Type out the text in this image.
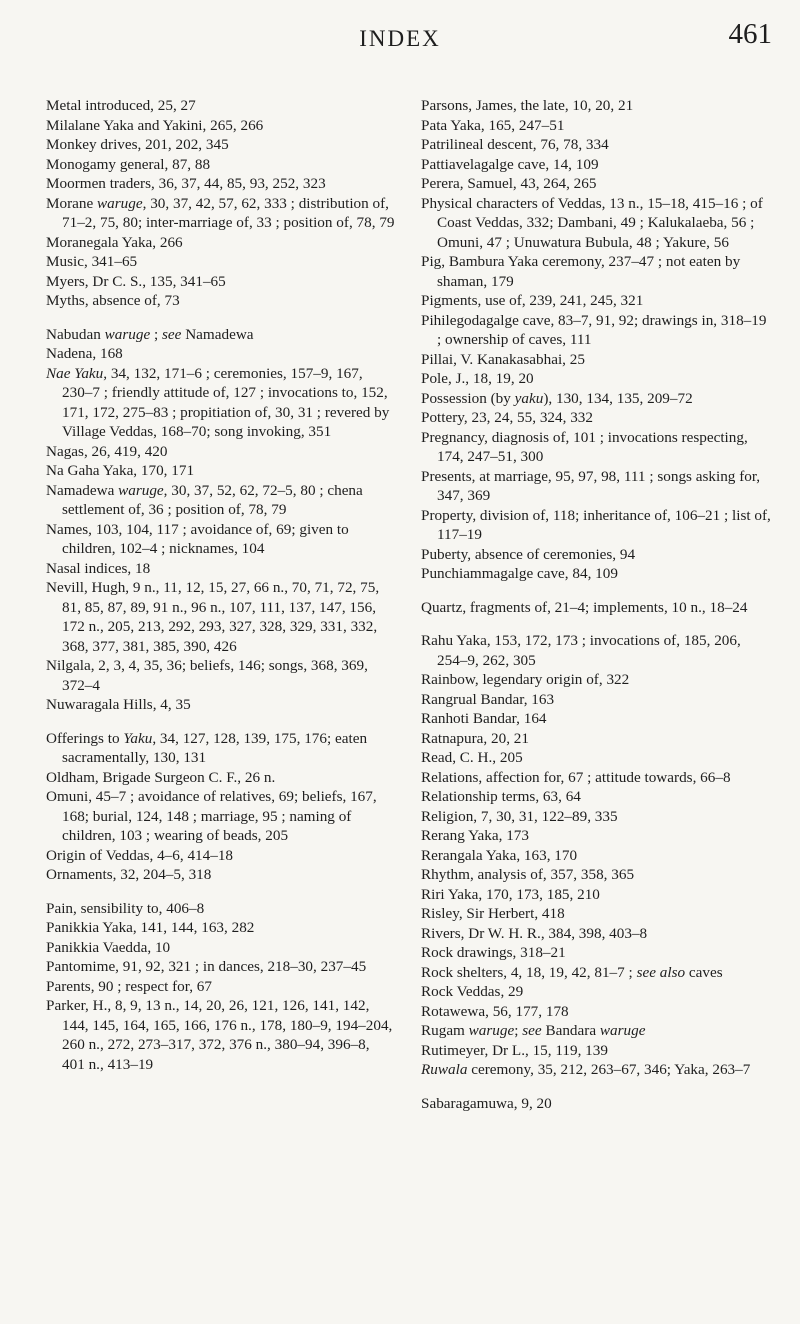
INDEX	461
Metal introduced, 25, 27
Milalane Yaka and Yakini, 265, 266
Monkey drives, 201, 202, 345
Monogamy general, 87, 88
Moormen traders, 36, 37, 44, 85, 93, 252, 323
Morane waruge, 30, 37, 42, 57, 62, 333 ; distribution of, 71–2, 75, 80; inter-marriage of, 33 ; position of, 78, 79
Moranegala Yaka, 266
Music, 341–65
Myers, Dr C. S., 135, 341–65
Myths, absence of, 73
Nabudan waruge ; see Namadewa
Nadena, 168
Nae Yaku, 34, 132, 171–6 ; ceremonies, 157–9, 167, 230–7 ; friendly attitude of, 127 ; invocations to, 152, 171, 172, 275–83 ; propitiation of, 30, 31 ; revered by Village Veddas, 168–70; song invoking, 351
Nagas, 26, 419, 420
Na Gaha Yaka, 170, 171
Namadewa waruge, 30, 37, 52, 62, 72–5, 80 ; chena settlement of, 36 ; position of, 78, 79
Names, 103, 104, 117 ; avoidance of, 69; given to children, 102–4 ; nicknames, 104
Nasal indices, 18
Nevill, Hugh, 9 n., 11, 12, 15, 27, 66 n., 70, 71, 72, 75, 81, 85, 87, 89, 91 n., 96 n., 107, 111, 137, 147, 156, 172 n., 205, 213, 292, 293, 327, 328, 329, 331, 332, 368, 377, 381, 385, 390, 426
Nilgala, 2, 3, 4, 35, 36; beliefs, 146; songs, 368, 369, 372–4
Nuwaragala Hills, 4, 35
Offerings to Yaku, 34, 127, 128, 139, 175, 176; eaten sacramentally, 130, 131
Oldham, Brigade Surgeon C. F., 26 n.
Omuni, 45–7 ; avoidance of relatives, 69; beliefs, 167, 168; burial, 124, 148 ; marriage, 95 ; naming of children, 103 ; wearing of beads, 205
Origin of Veddas, 4–6, 414–18
Ornaments, 32, 204–5, 318
Pain, sensibility to, 406–8
Panikkia Yaka, 141, 144, 163, 282
Panikkia Vaedda, 10
Pantomime, 91, 92, 321 ; in dances, 218–30, 237–45
Parents, 90 ; respect for, 67
Parker, H., 8, 9, 13 n., 14, 20, 26, 121, 126, 141, 142, 144, 145, 164, 165, 166, 176 n., 178, 180–9, 194–204, 260 n., 272, 273–317, 372, 376 n., 380–94, 396–8, 401 n., 413–19
Parsons, James, the late, 10, 20, 21
Pata Yaka, 165, 247–51
Patrilineal descent, 76, 78, 334
Pattiavelagalge cave, 14, 109
Perera, Samuel, 43, 264, 265
Physical characters of Veddas, 13 n., 15–18, 415–16 ; of Coast Veddas, 332; Dambani, 49 ; Kalukalaeba, 56 ; Omuni, 47 ; Unuwatura Bubula, 48 ; Yakure, 56
Pig, Bambura Yaka ceremony, 237–47 ; not eaten by shaman, 179
Pigments, use of, 239, 241, 245, 321
Pihilegodagalge cave, 83–7, 91, 92; drawings in, 318–19 ; ownership of caves, 111
Pillai, V. Kanakasabhai, 25
Pole, J., 18, 19, 20
Possession (by yaku), 130, 134, 135, 209–72
Pottery, 23, 24, 55, 324, 332
Pregnancy, diagnosis of, 101 ; invocations respecting, 174, 247–51, 300
Presents, at marriage, 95, 97, 98, 111 ; songs asking for, 347, 369
Property, division of, 118; inheritance of, 106–21 ; list of, 117–19
Puberty, absence of ceremonies, 94
Punchiammagalge cave, 84, 109
Quartz, fragments of, 21–4; implements, 10 n., 18–24
Rahu Yaka, 153, 172, 173 ; invocations of, 185, 206, 254–9, 262, 305
Rainbow, legendary origin of, 322
Rangrual Bandar, 163
Ranhoti Bandar, 164
Ratnapura, 20, 21
Read, C. H., 205
Relations, affection for, 67 ; attitude towards, 66–8
Relationship terms, 63, 64
Religion, 7, 30, 31, 122–89, 335
Rerang Yaka, 173
Rerangala Yaka, 163, 170
Rhythm, analysis of, 357, 358, 365
Riri Yaka, 170, 173, 185, 210
Risley, Sir Herbert, 418
Rivers, Dr W. H. R., 384, 398, 403–8
Rock drawings, 318–21
Rock shelters, 4, 18, 19, 42, 81–7 ; see also caves
Rock Veddas, 29
Rotawewa, 56, 177, 178
Rugam waruge; see Bandara waruge
Rutimeyer, Dr L., 15, 119, 139
Ruwala ceremony, 35, 212, 263–67, 346; Yaka, 263–7
Sabaragamuwa, 9, 20
